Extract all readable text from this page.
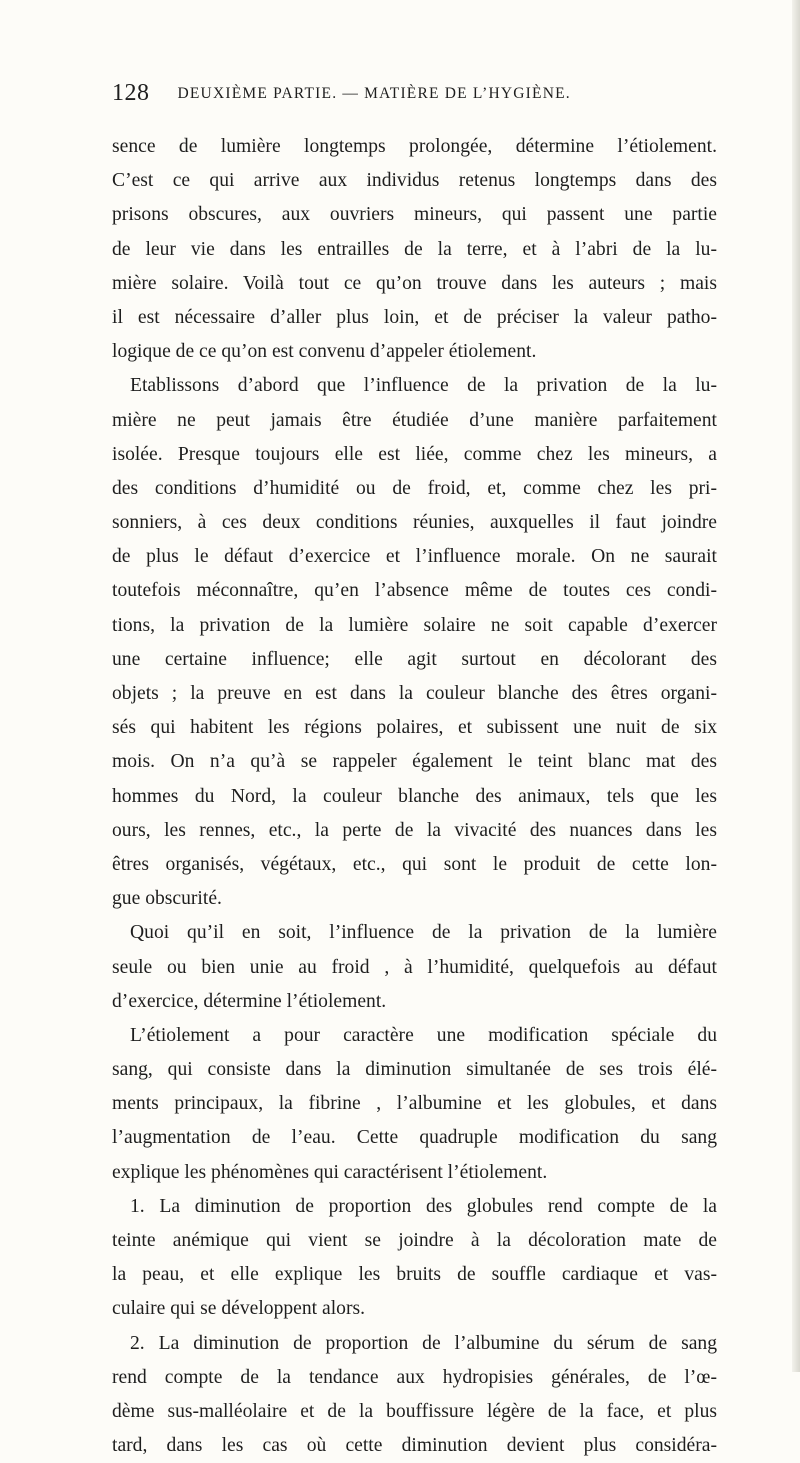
128 DEUXIÈME PARTIE. — MATIÈRE DE L’HYGIÈNE.
sence de lumière longtemps prolongée, détermine l’étiolement.
C’est ce qui arrive aux individus retenus longtemps dans des
prisons obscures, aux ouvriers mineurs, qui passent une partie
de leur vie dans les entrailles de la terre, et à l’abri de la lu-
mière solaire. Voilà tout ce qu’on trouve dans les auteurs ; mais
il est nécessaire d’aller plus loin, et de préciser la valeur patho-
logique de ce qu’on est convenu d’appeler étiolement.
Etablissons d’abord que l’influence de la privation de la lu-
mière ne peut jamais être étudiée d’une manière parfaitement
isolée. Presque toujours elle est liée, comme chez les mineurs, a
des conditions d’humidité ou de froid, et, comme chez les pri-
sonniers, à ces deux conditions réunies, auxquelles il faut joindre
de plus le défaut d’exercice et l’influence morale. On ne saurait
toutefois méconnaître, qu’en l’absence même de toutes ces condi-
tions, la privation de la lumière solaire ne soit capable d’exercer
une certaine influence; elle agit surtout en décolorant des
objets ; la preuve en est dans la couleur blanche des êtres organi-
sés qui habitent les régions polaires, et subissent une nuit de six
mois. On n’a qu’à se rappeler également le teint blanc mat des
hommes du Nord, la couleur blanche des animaux, tels que les
ours, les rennes, etc., la perte de la vivacité des nuances dans les
êtres organisés, végétaux, etc., qui sont le produit de cette lon-
gue obscurité.
Quoi qu’il en soit, l’influence de la privation de la lumière
seule ou bien unie au froid , à l’humidité, quelquefois au défaut
d’exercice, détermine l’étiolement.
L’étiolement a pour caractère une modification spéciale du
sang, qui consiste dans la diminution simultanée de ses trois élé-
ments principaux, la fibrine , l’albumine et les globules, et dans
l’augmentation de l’eau. Cette quadruple modification du sang
explique les phénomènes qui caractérisent l’étiolement.
1. La diminution de proportion des globules rend compte de la
teinte anémique qui vient se joindre à la décoloration mate de
la peau, et elle explique les bruits de souffle cardiaque et vas-
culaire qui se développent alors.
2. La diminution de proportion de l’albumine du sérum de sang
rend compte de la tendance aux hydropisies générales, de l’œ-
dème sus-malléolaire et de la bouffissure légère de la face, et plus
tard, dans les cas où cette diminution devient plus considéra-
